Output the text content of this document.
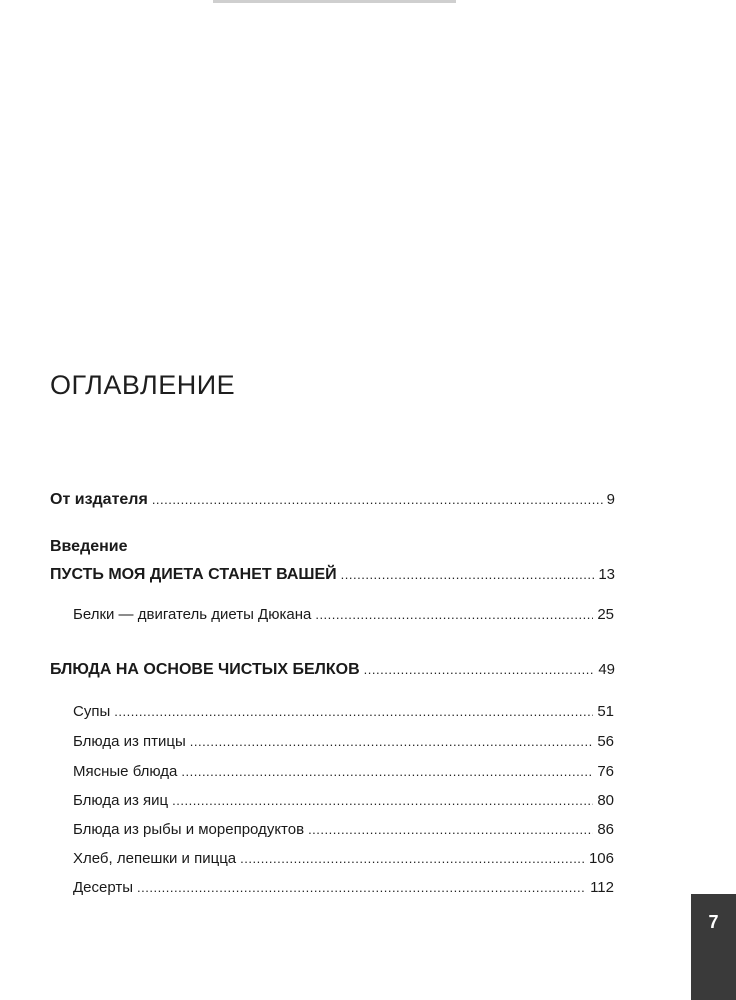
ОГЛАВЛЕНИЕ
От издателя .....	9
Введение
ПУСТЬ МОЯ ДИЕТА СТАНЕТ ВАШЕЙ .....	13
Белки — двигатель диеты Дюкана .....	25
БЛЮДА НА ОСНОВЕ ЧИСТЫХ БЕЛКОВ .....	49
Супы .....	51
Блюда из птицы .....	56
Мясные блюда .....	76
Блюда из яиц .....	80
Блюда из рыбы и морепродуктов .....	86
Хлеб, лепешки и пицца .....	106
Десерты .....	112
7
